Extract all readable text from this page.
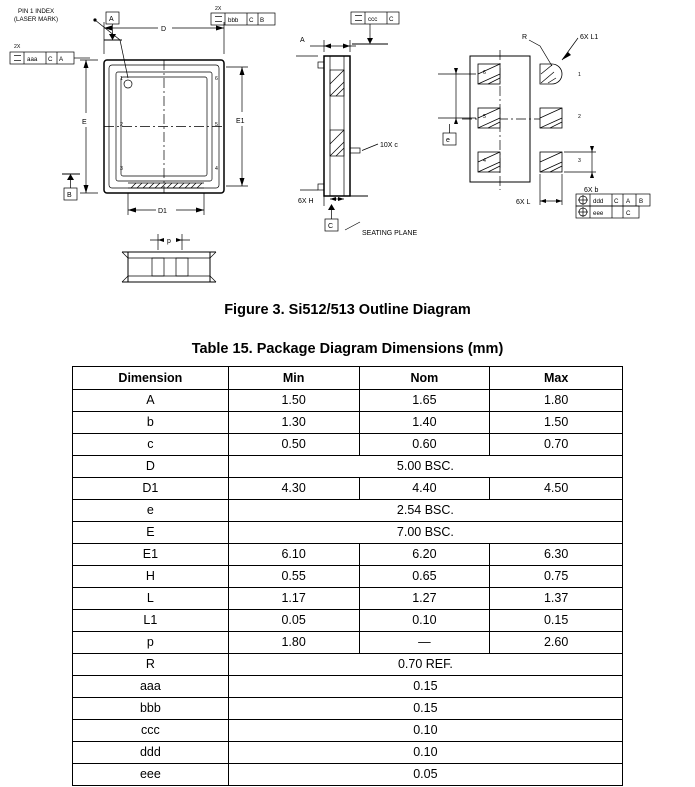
1
2
3	4
5
6
PIN 1 INDEX
(LASER MARK)	A
B
2X
aaa C A
2X
bbb C B
D
D1
E	E1
p
ccc C
A
10X c
6X H
C
SEATING PLANE
6
5
4
1
2
3
R	6X L1
6X b
6X L
e
ddd C A B
eee	C
Figure 3. Si512/513 Outline Diagram
Table 15. Package Diagram Dimensions (mm)
Dimension	Min	Nom	Max
A	1.50	1.65	1.80
b	1.30	1.40	1.50
c	0.50	0.60	0.70
D	5.00 BSC.		
D1	4.30	4.40	4.50
e	2.54 BSC.		
E	7.00 BSC.		
E1	6.10	6.20	6.30
H	0.55	0.65	0.75
L	1.17	1.27	1.37
L1	0.05	0.10	0.15
p	1.80	—	2.60
R	0.70 REF.		
aaa	0.15		
bbb	0.15		
ccc	0.10		
ddd	0.10		
eee	0.05		
